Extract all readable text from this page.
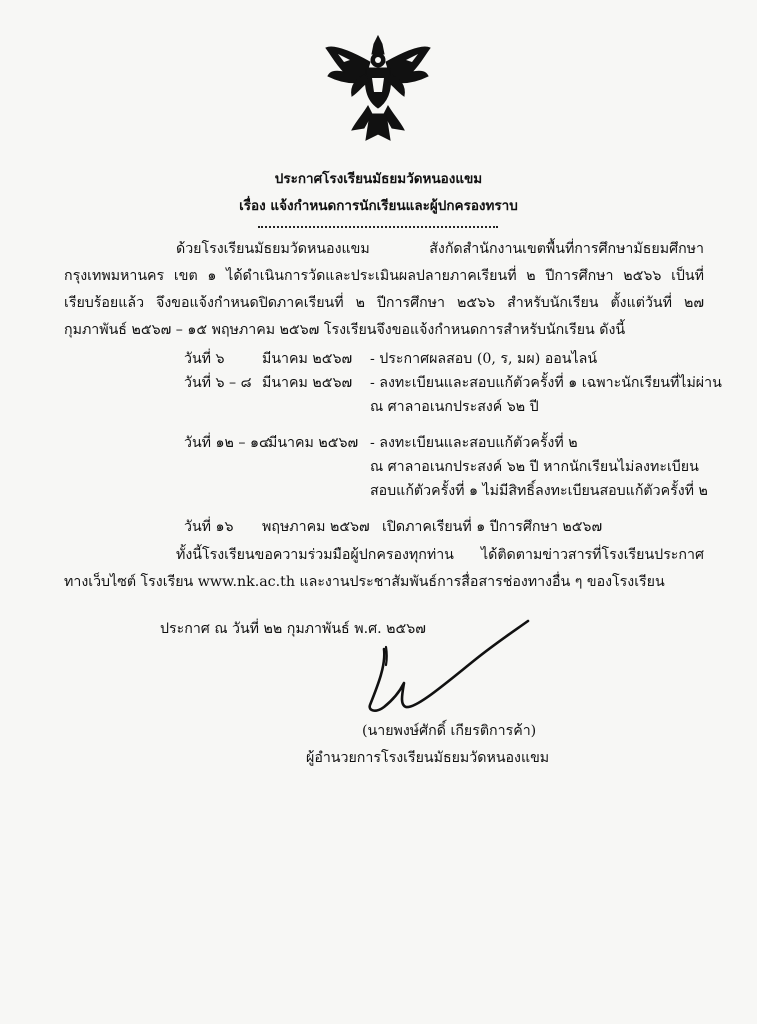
ประกาศโรงเรียนมัธยมวัดหนองแขม
เรื่อง แจ้งกำหนดการนักเรียนและผู้ปกครองทราบ
ด้วยโรงเรียนมัธยมวัดหนองแขม สังกัดสำนักงานเขตพื้นที่การศึกษามัธยมศึกษา กรุงเทพมหานคร เขต ๑ ได้ดำเนินการวัดและประเมินผลปลายภาคเรียนที่ ๒ ปีการศึกษา ๒๕๖๖ เป็นที่เรียบร้อยแล้ว จึงขอแจ้งกำหนดปิดภาคเรียนที่ ๒ ปีการศึกษา ๒๕๖๖ สำหรับนักเรียน ตั้งแต่วันที่ ๒๗ กุมภาพันธ์ ๒๕๖๗ – ๑๕ พฤษภาคม ๒๕๖๗ โรงเรียนจึงขอแจ้งกำหนดการสำหรับนักเรียน ดังนี้
วันที่ ๖	มีนาคม ๒๕๖๗ - ประกาศผลสอบ (0, ร, มผ) ออนไลน์
วันที่ ๖ – ๘ มีนาคม ๒๕๖๗ - ลงทะเบียนและสอบแก้ตัวครั้งที่ ๑ เฉพาะนักเรียนที่ไม่ผ่าน
ณ ศาลาอเนกประสงค์ ๖๒ ปี
วันที่ ๑๒ – ๑๔
มีนาคม ๒๕๖๗ - ลงทะเบียนและสอบแก้ตัวครั้งที่ ๒
ณ ศาลาอเนกประสงค์ ๖๒ ปี หากนักเรียนไม่ลงทะเบียน
สอบแก้ตัวครั้งที่ ๑ ไม่มีสิทธิ์ลงทะเบียนสอบแก้ตัวครั้งที่ ๒
วันที่ ๑๖ พฤษภาคม ๒๕๖๗ เปิดภาคเรียนที่ ๑ ปีการศึกษา ๒๕๖๗
ทั้งนี้โรงเรียนขอความร่วมมือผู้ปกครองทุกท่าน ได้ติดตามข่าวสารที่โรงเรียนประกาศทางเว็บไซต์ โรงเรียน www.nk.ac.th และงานประชาสัมพันธ์การสื่อสารช่องทางอื่น ๆ ของโรงเรียน
ประกาศ ณ วันที่ ๒๒ กุมภาพันธ์ พ.ศ. ๒๕๖๗
(นายพงษ์ศักดิ์ เกียรติการค้า)
ผู้อำนวยการโรงเรียนมัธยมวัดหนองแขม
